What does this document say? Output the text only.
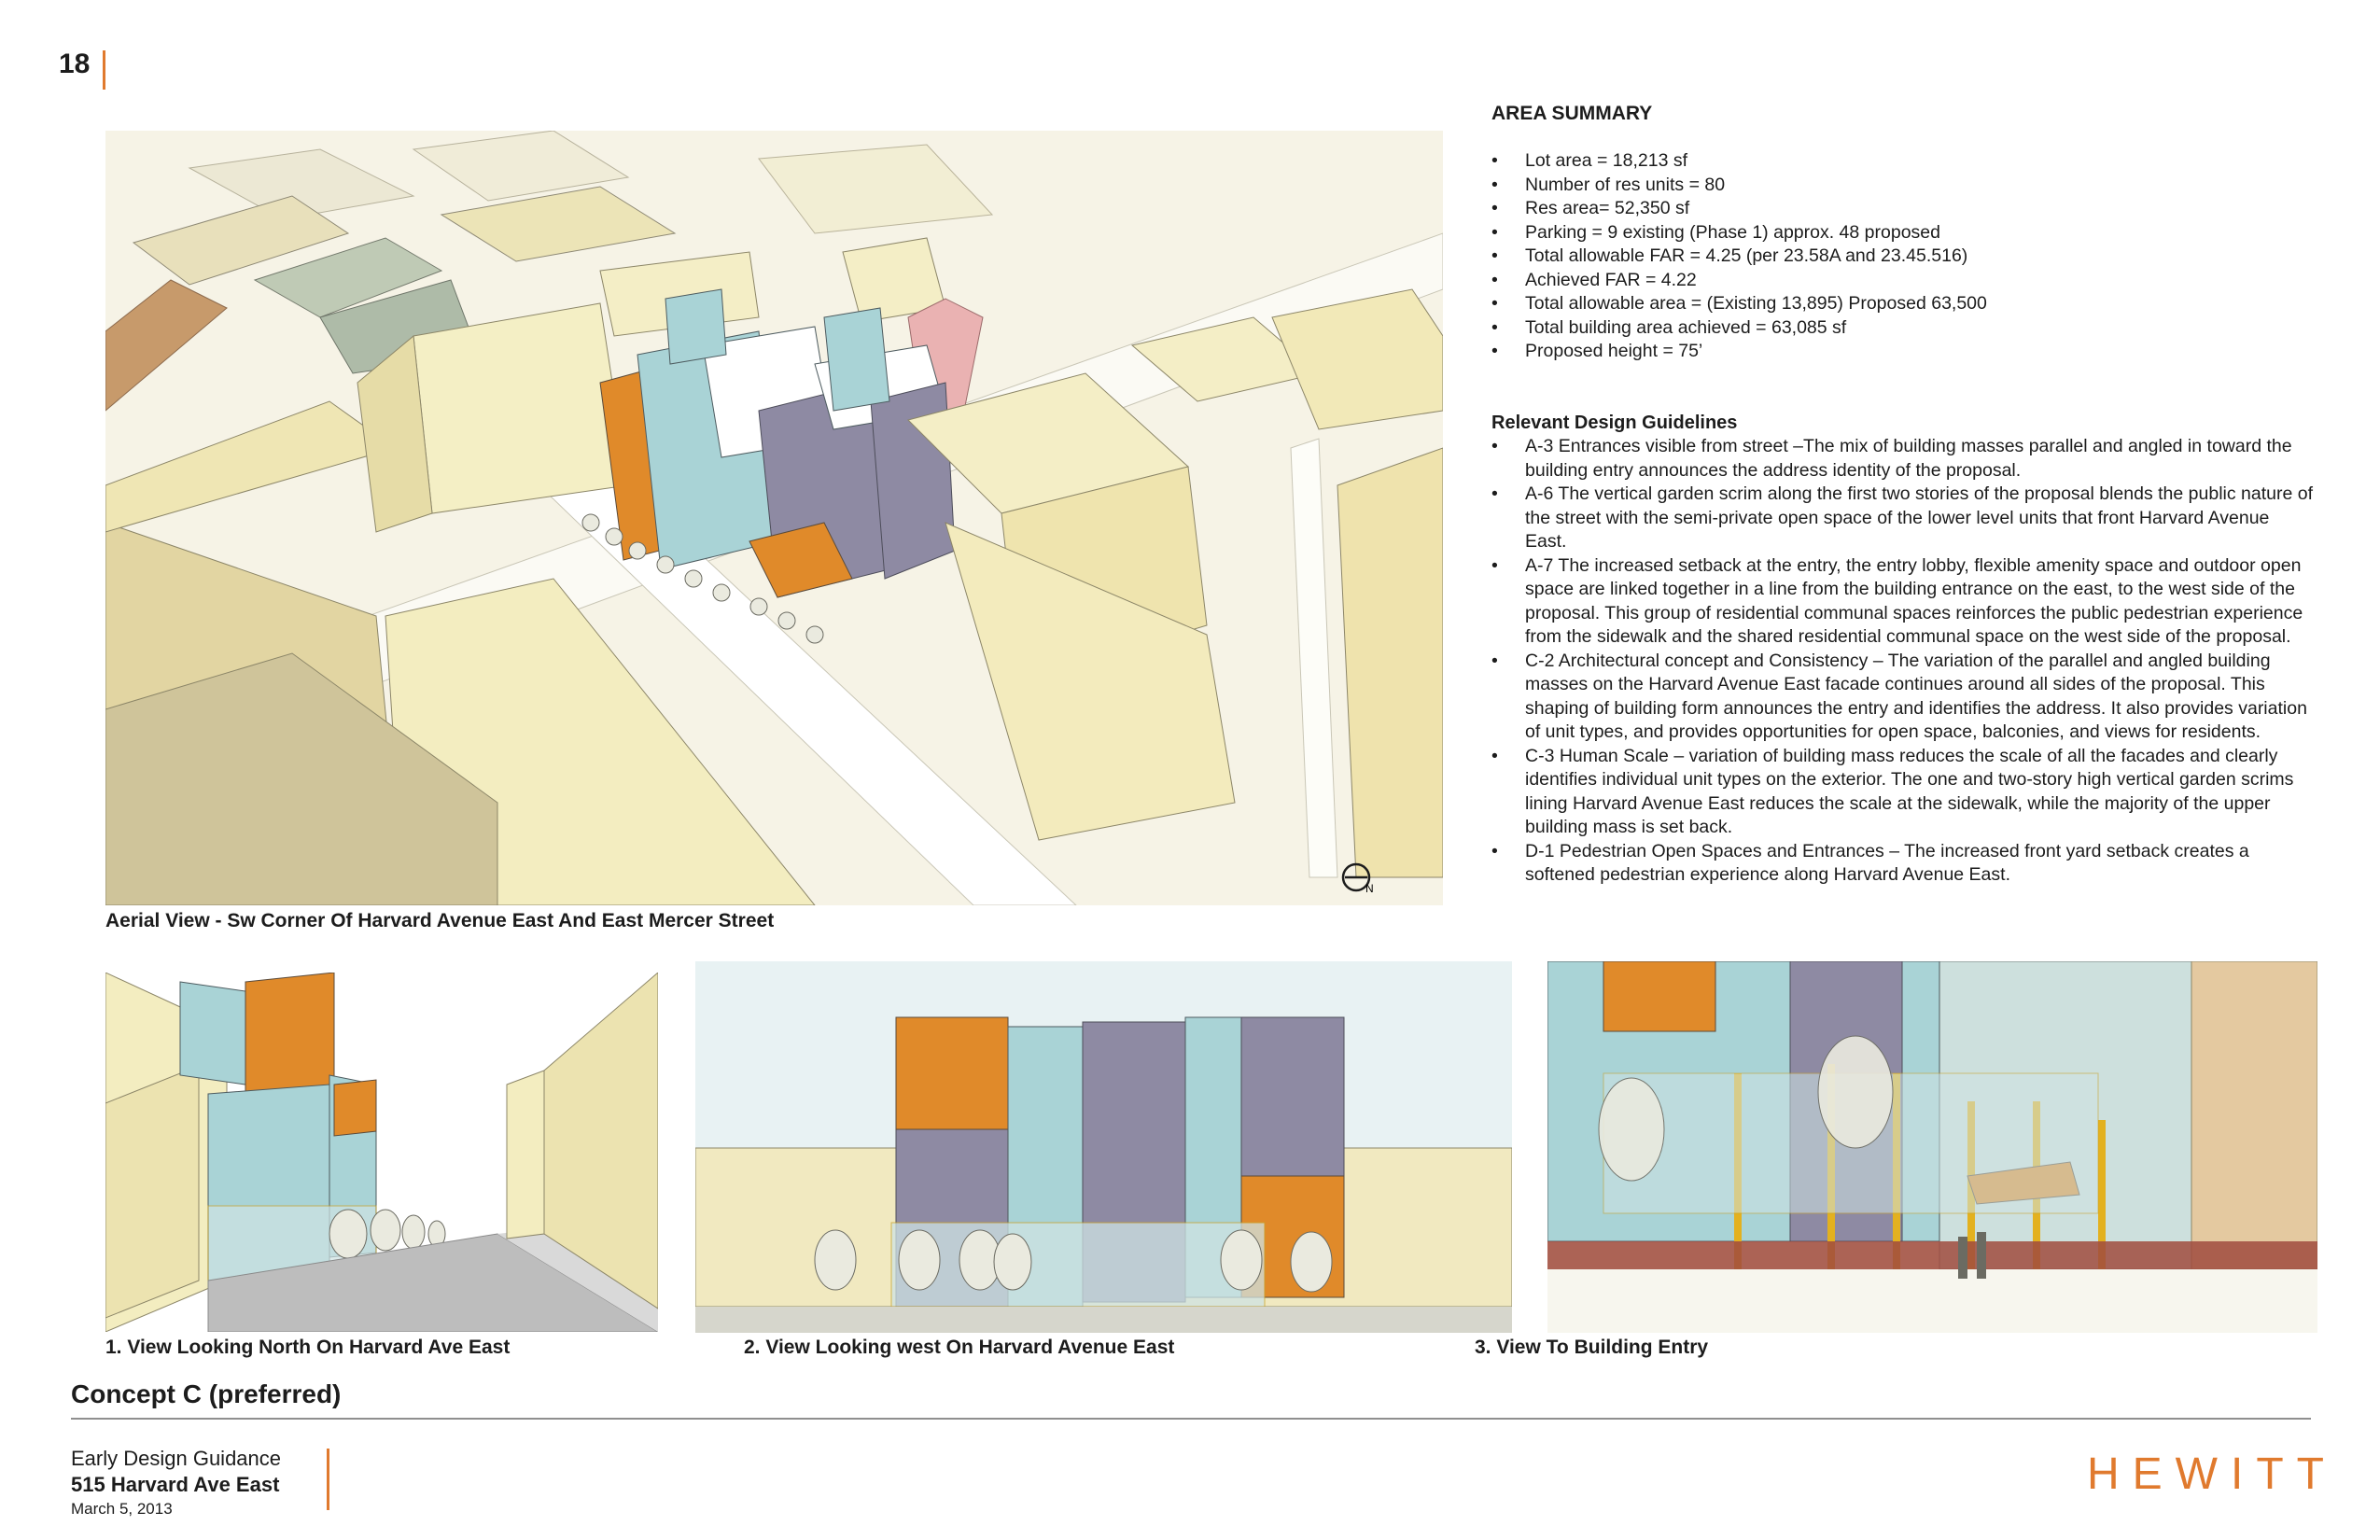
18
N
Aerial View - Sw Corner Of Harvard Avenue East And East Mercer Street
AREA SUMMARY
• Lot area = 18,213 sf
• Number of res units = 80
• Res area= 52,350 sf
• Parking = 9 existing (Phase 1) approx. 48 proposed
• Total allowable FAR = 4.25 (per 23.58A and 23.45.516)
• Achieved FAR = 4.22
• Total allowable area = (Existing 13,895) Proposed 63,500
• Total building area achieved = 63,085 sf
• Proposed height = 75’
Relevant Design Guidelines
• A-3 Entrances visible from street –The mix of building masses parallel and angled in toward the building entry announces the address identity of the proposal.
• A-6 The vertical garden scrim along the first two stories of the proposal blends the public nature of the street with the semi-private open space of the lower level units that front Harvard Avenue East.
• A-7 The increased setback at the entry, the entry lobby, flexible amenity space and outdoor open space are linked together in a line from the building entrance on the east, to the west side of the proposal. This group of residential communal spaces reinforces the public pedestrian experience from the sidewalk and the shared residential communal space on the west side of the proposal.
• C-2 Architectural concept and Consistency – The variation of the parallel and angled building masses on the Harvard Avenue East facade continues around all sides of the proposal. This shaping of building form announces the entry and identifies the address. It also provides variation of unit types, and provides opportunities for open space, balconies, and views for residents.
• C-3 Human Scale – variation of building mass reduces the scale of all the facades and clearly identifies individual unit types on the exterior. The one and two-story high vertical garden scrims lining Harvard Avenue East reduces the scale at the sidewalk, while the majority of the upper building mass is set back.
• D-1 Pedestrian Open Spaces and Entrances – The increased front yard setback creates a softened pedestrian experience along Harvard Avenue East.
1. View Looking North On Harvard Ave East	2. View Looking west On Harvard Avenue East	3. View To Building Entry
Concept C (preferred)
Early Design Guidance
515 Harvard Ave East
March 5, 2013
HEWITT
